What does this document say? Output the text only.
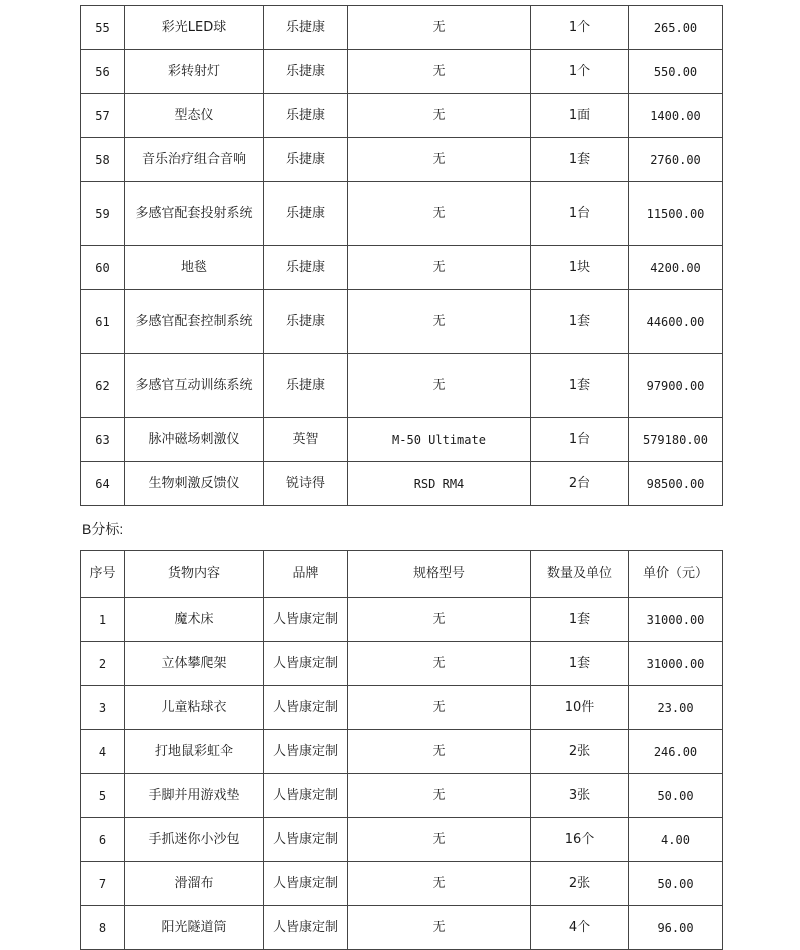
55	彩光LED球	乐捷康	无	1个	265.00
56	彩转射灯	乐捷康	无	1个	550.00
57	型态仪	乐捷康	无	1面	1400.00
58	音乐治疗组合音响	乐捷康	无	1套	2760.00
59	多感官配套投射系统	乐捷康	无	1台	11500.00
60	地毯	乐捷康	无	1块	4200.00
61	多感官配套控制系统	乐捷康	无	1套	44600.00
62	多感官互动训练系统	乐捷康	无	1套	97900.00
63	脉冲磁场刺激仪	英智	M-50 Ultimate	1台	579180.00
64	生物刺激反馈仪	锐诗得	RSD RM4	2台	98500.00
B分标:
序号	货物内容	品牌	规格型号	数量及单位	单价（元）
1	魔术床	人皆康定制	无	1套	31000.00
2	立体攀爬架	人皆康定制	无	1套	31000.00
3	儿童粘球衣	人皆康定制	无	10件	23.00
4	打地鼠彩虹伞	人皆康定制	无	2张	246.00
5	手脚并用游戏垫	人皆康定制	无	3张	50.00
6	手抓迷你小沙包	人皆康定制	无	16个	4.00
7	滑溜布	人皆康定制	无	2张	50.00
8	阳光隧道筒	人皆康定制	无	4个	96.00
